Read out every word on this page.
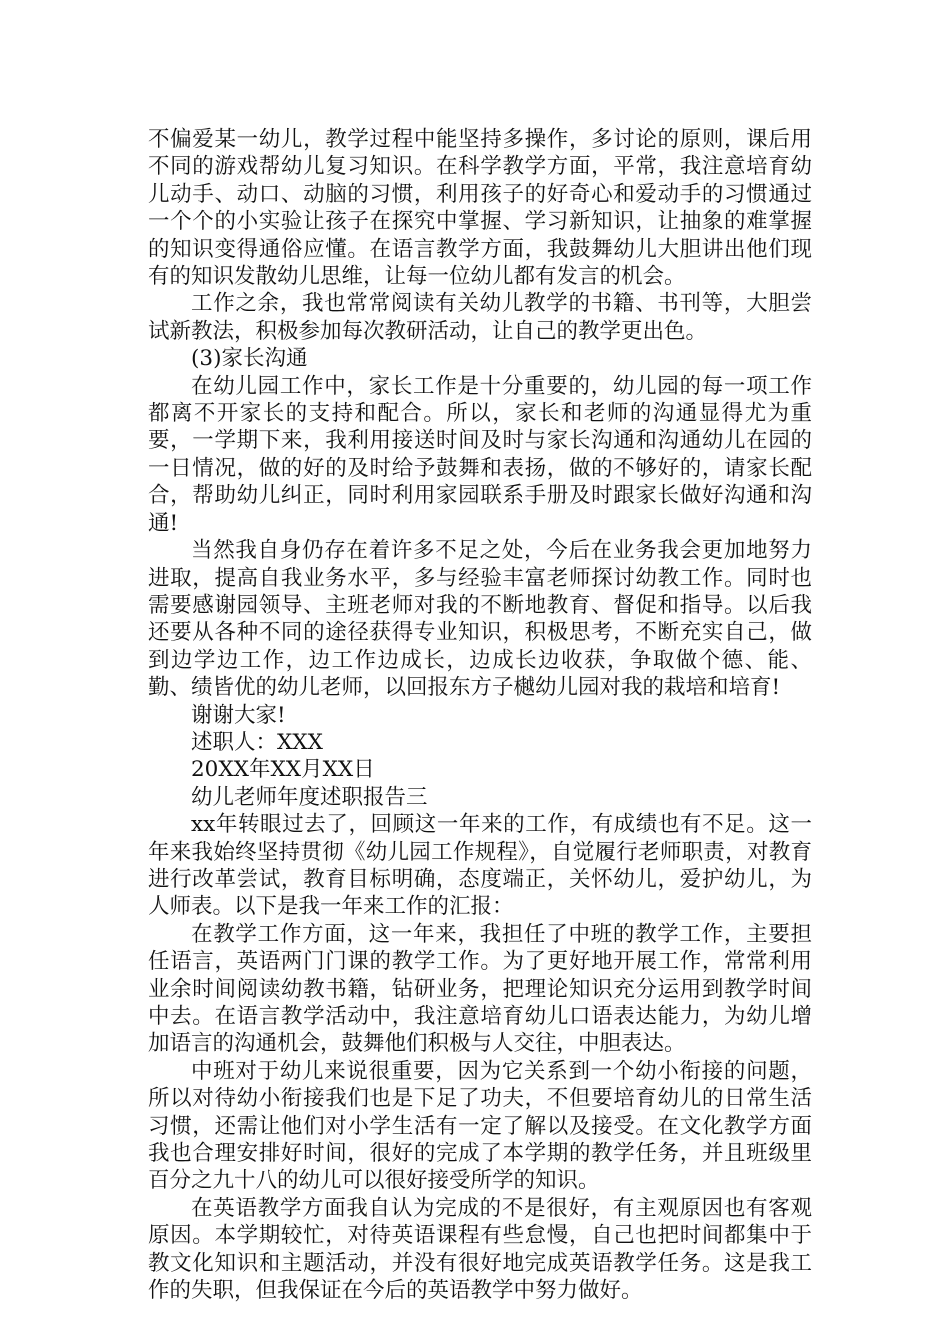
不偏爱某一幼儿，教学过程中能坚持多操作，多讨论的原则，课后用不同的游戏帮幼儿复习知识。在科学教学方面，平常，我注意培育幼儿动手、动口、动脑的习惯，利用孩子的好奇心和爱动手的习惯通过一个个的小实验让孩子在探究中掌握、学习新知识，让抽象的难掌握的知识变得通俗应懂。在语言教学方面，我鼓舞幼儿大胆讲出他们现有的知识发散幼儿思维，让每一位幼儿都有发言的机会。

工作之余，我也常常阅读有关幼儿教学的书籍、书刊等，大胆尝试新教法，积极参加每次教研活动，让自己的教学更出色。

(3)家长沟通

在幼儿园工作中，家长工作是十分重要的，幼儿园的每一项工作都离不开家长的支持和配合。所以，家长和老师的沟通显得尤为重要，一学期下来，我利用接送时间及时与家长沟通和沟通幼儿在园的一日情况，做的好的及时给予鼓舞和表扬，做的不够好的，请家长配合，帮助幼儿纠正，同时利用家园联系手册及时跟家长做好沟通和沟通!

当然我自身仍存在着许多不足之处，今后在业务我会更加地努力进取，提高自我业务水平，多与经验丰富老师探讨幼教工作。同时也需要感谢园领导、主班老师对我的不断地教育、督促和指导。以后我还要从各种不同的途径获得专业知识，积极思考，不断充实自己，做到边学边工作，边工作边成长，边成长边收获，争取做个德、能、勤、绩皆优的幼儿老师，以回报东方子樾幼儿园对我的栽培和培育!

谢谢大家!

述职人：XXX

20XX年XX月XX日

幼儿老师年度述职报告三

xx年转眼过去了，回顾这一年来的工作，有成绩也有不足。这一年来我始终坚持贯彻《幼儿园工作规程》，自觉履行老师职责，对教育进行改革尝试，教育目标明确，态度端正，关怀幼儿，爱护幼儿，为人师表。以下是我一年来工作的汇报：

在教学工作方面，这一年来，我担任了中班的教学工作，主要担任语言，英语两门门课的教学工作。为了更好地开展工作，常常利用业余时间阅读幼教书籍，钻研业务，把理论知识充分运用到教学时间中去。在语言教学活动中，我注意培育幼儿口语表达能力，为幼儿增加语言的沟通机会，鼓舞他们积极与人交往，中胆表达。

中班对于幼儿来说很重要，因为它关系到一个幼小衔接的问题，所以对待幼小衔接我们也是下足了功夫，不但要培育幼儿的日常生活习惯，还需让他们对小学生活有一定了解以及接受。在文化教学方面我也合理安排好时间，很好的完成了本学期的教学任务，并且班级里百分之九十八的幼儿可以很好接受所学的知识。

在英语教学方面我自认为完成的不是很好，有主观原因也有客观原因。本学期较忙，对待英语课程有些怠慢，自己也把时间都集中于教文化知识和主题活动，并没有很好地完成英语教学任务。这是我工作的失职，但我保证在今后的英语教学中努力做好。
